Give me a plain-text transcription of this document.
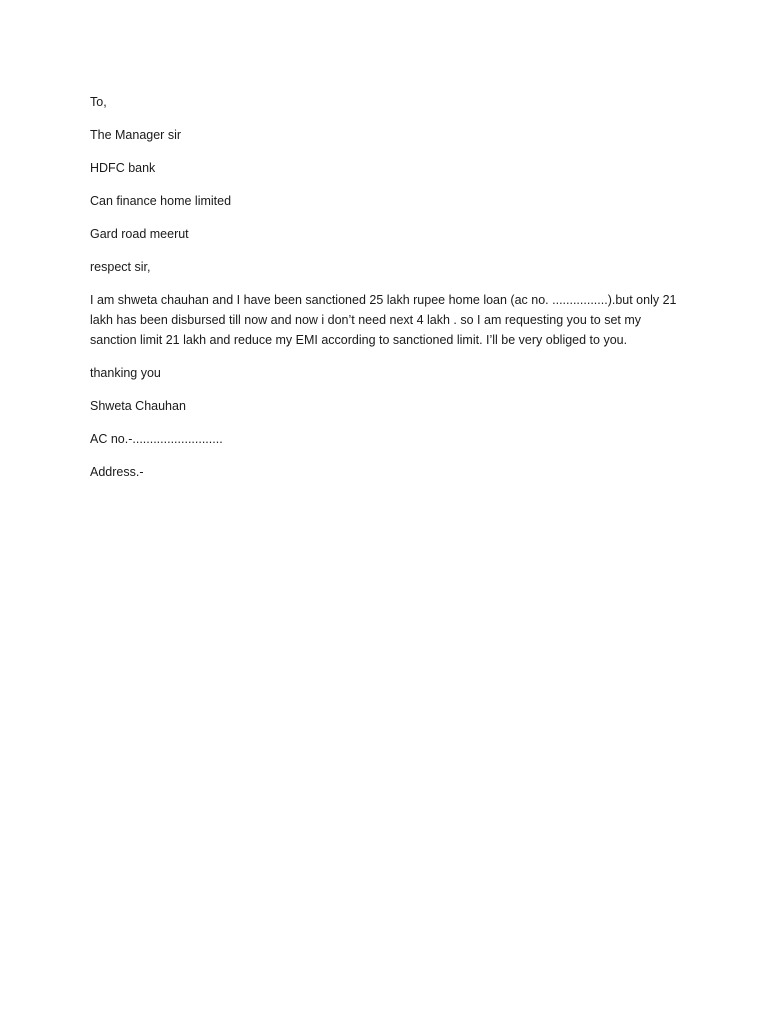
To,
The Manager sir
HDFC bank
Can finance home limited
Gard road meerut
respect sir,
I am shweta chauhan and I have been sanctioned 25 lakh rupee home loan (ac no. ................).but only 21 lakh has been disbursed till now and now i don’t need next 4 lakh . so I am requesting you to set my sanction limit 21 lakh and reduce my EMI according to sanctioned limit. I’ll be very obliged to you.
thanking you
Shweta Chauhan
AC no.-..........................
Address.-
